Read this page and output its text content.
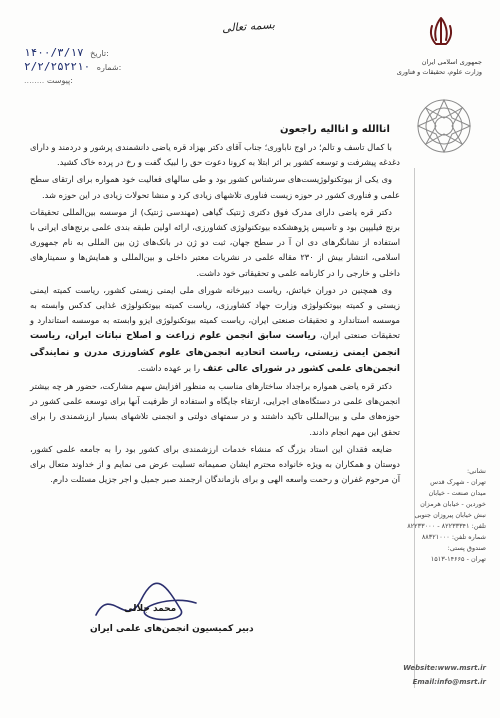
جمهوری اسلامی ایران
وزارت علوم، تحقیقات و فناوری
بسمه تعالی
۱۴۰۰/۳/۱۷ تاریخ:
۲/۲/۲۵۲۲۱۰ شماره:
........ پیوست:
اناالله و اناالیه راجعون

با کمال تاسف و تالم؛ در اوج ناباوری؛ جناب آقای دکتر بهزاد قره یاضی دانشمندی پرشور و دردمند و دارای دغدغه پیشرفت و توسعه کشور بر اثر ابتلا به کرونا دعوت حق را لبیک گفت و رخ در پرده خاک کشید.

وی یکی از بیوتکنولوژیست‌های سرشناس کشور بود و طی سالهای فعالیت خود همواره برای ارتقای سطح علمی و فناوری کشور در حوزه زیست فناوری تلاشهای زیادی کرد و منشا تحولات زیادی در این حوزه شد.

دکتر قره یاضی دارای مدرک فوق دکتری ژنتیک گیاهی (مهندسی ژنتیک) از موسسه بین‌المللی تحقیقات برنج فیلیپین بود و تاسیس پژوهشکده بیوتکنولوژی کشاورزی، ارائه اولین طبقه بندی علمی برنج‌های ایرانی با استفاده از نشانگرهای دی ان آ در سطح جهان، ثبت دو ژن در بانک‌های ژن بین المللی به نام جمهوری اسلامی، انتشار بیش از ۲۳۰ مقاله علمی در نشریات معتبر داخلی و بین‌المللی و همایش‌ها و سمینارهای داخلی و خارجی را در کارنامه علمی و تحقیقاتی خود داشت.

وی همچنین در دوران خیاتش، ریاست دبیرخانه شورای ملی ایمنی زیستی کشور، ریاست کمیته ایمنی زیستی و کمیته بیوتکنولوژی وزارت جهاد کشاورزی، ریاست کمیته بیوتکنولوژی غذایی کدکس وابسته به موسسه استاندارد و تحقیقات صنعتی ایران، ریاست کمیته بیوتکنولوژی ایزو وابسته به موسسه استاندارد و تحقیقات صنعتی ایران، ریاست سابق انجمن علوم زراعت و اصلاح نباتات ایران، ریاست انجمن ایمنی زیستی، ریاست اتحادیه انجمن‌های علوم کشاورزی مدرن و نمایندگی انجمن‌های علمی کشور در شورای عالی عتف را بر عهده داشت.

دکتر قره یاضی همواره براجداد ساختارهای مناسب به منظور افزایش سهم مشارکت، حضور هر چه بیشتر انجمن‌های علمی در دستگاه‌های اجرایی، ارتقاء جایگاه و استفاده از ظرفیت آنها برای توسعه علمی کشور در حوزه‌های ملی و بین‌المللی تاکید داشتند و در سمتهای دولتی و انجمنی تلاشهای بسیار ارزشمندی را برای تحقق این مهم انجام دادند.

ضایعه فقدان این استاد بزرگ که منشاء خدمات ارزشمندی برای کشور بود را به جامعه علمی کشور، دوستان و همکاران به ویژه خانواده محترم ایشان صمیمانه تسلیت عرض می نمایم و از خداوند متعال برای آن مرحوم غفران و رحمت واسعه الهی و برای بازماندگان ارجمند صبر جمیل و اجر جزیل مسئلت دارم.

محمد جلالی
دبیر کمیسیون انجمن‌های علمی ایران
نشانی:
تهران - شهرک قدس
میدان صنعت - خیابان
خوردین - خیابان هرمزان
نبش خیابان پیروزان جنوبی
تلفن: ۸۲۲۳۳۳۴۱ - ۸۲۲۳۳۰۰۰
شماره تلفن: ۸۸۳۲۱۰۰۰
صندوق پستی:
تهران - ۱۴۶۶۵-۱۵۱۳
Website:www.msrt.ir
Email:info@msrt.ir
